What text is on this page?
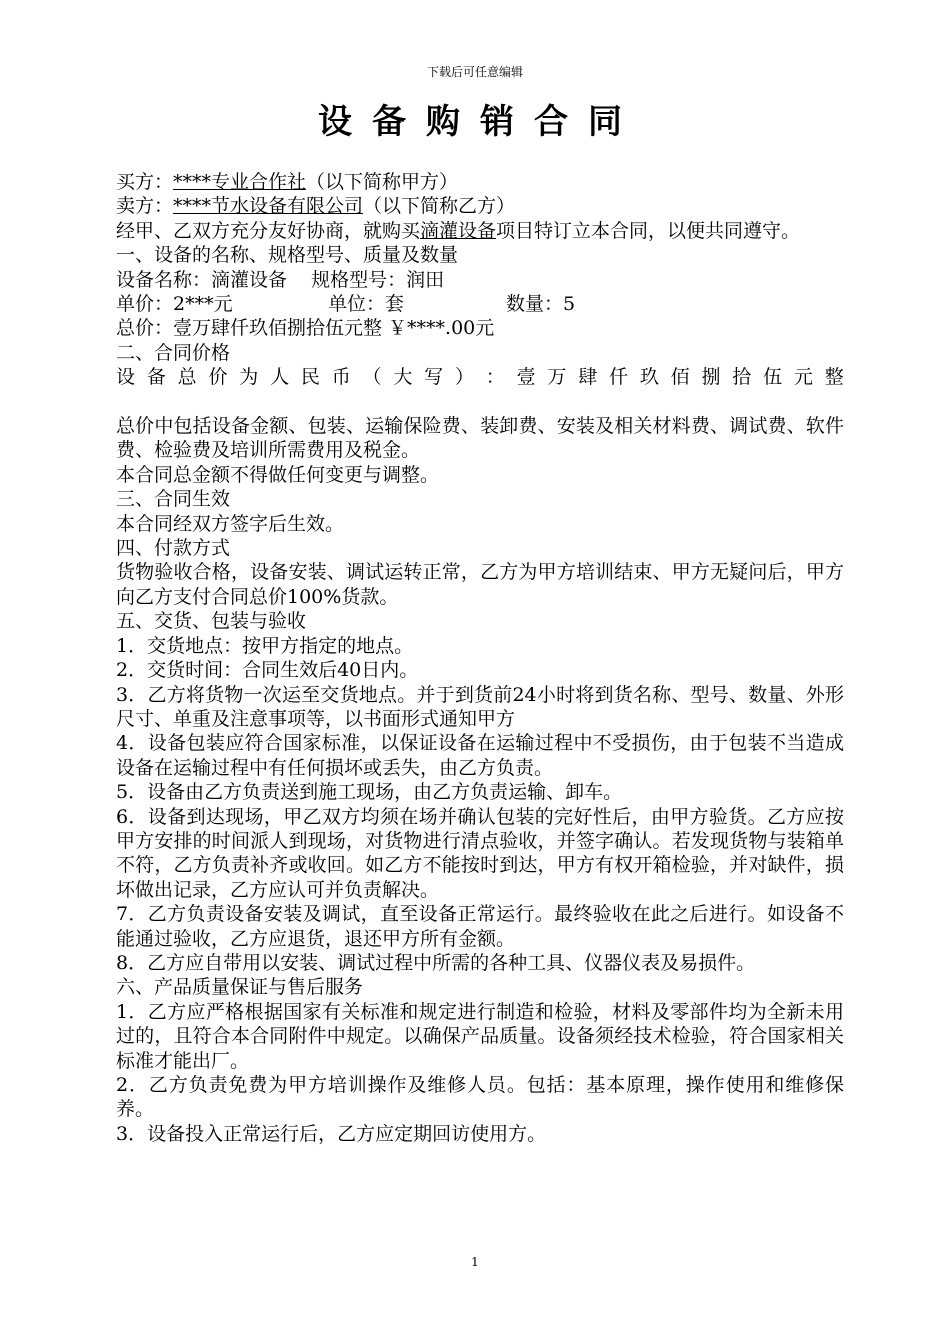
下载后可任意编辑
设备购销合同
买方：****专业合作社（以下简称甲方）
卖方：****节水设备有限公司（以下简称乙方）
经甲、乙双方充分友好协商，就购买滴灌设备项目特订立本合同，以便共同遵守。
一、设备的名称、规格型号、质量及数量
设备名称：滴灌设备    规格型号：润田
单价：2***元	单位：套	数量：5
总价：壹万肆仟玖佰捌拾伍元整 ￥****.00元
二、合同价格
设 备 总 价 为 人 民 币 （ 大 写 ） ： 壹 万 肆 仟 玖 佰 捌 拾 伍 元 整
总价中包括设备金额、包装、运输保险费、装卸费、安装及相关材料费、调试费、软件费、检验费及培训所需费用及税金。
本合同总金额不得做任何变更与调整。
三、合同生效
本合同经双方签字后生效。
四、付款方式
货物验收合格，设备安装、调试运转正常，乙方为甲方培训结束、甲方无疑问后，甲方向乙方支付合同总价100%货款。
五、交货、包装与验收
1．交货地点：按甲方指定的地点。
2．交货时间：合同生效后40日内。
3．乙方将货物一次运至交货地点。并于到货前24小时将到货名称、型号、数量、外形尺寸、单重及注意事项等，以书面形式通知甲方
4．设备包装应符合国家标准，以保证设备在运输过程中不受损伤，由于包装不当造成设备在运输过程中有任何损坏或丢失，由乙方负责。
5．设备由乙方负责送到施工现场，由乙方负责运输、卸车。
6．设备到达现场，甲乙双方均须在场并确认包装的完好性后，由甲方验货。乙方应按甲方安排的时间派人到现场，对货物进行清点验收，并签字确认。若发现货物与装箱单不符，乙方负责补齐或收回。如乙方不能按时到达，甲方有权开箱检验，并对缺件，损坏做出记录，乙方应认可并负责解决。
7．乙方负责设备安装及调试，直至设备正常运行。最终验收在此之后进行。如设备不能通过验收，乙方应退货，退还甲方所有金额。
8．乙方应自带用以安装、调试过程中所需的各种工具、仪器仪表及易损件。
六、产品质量保证与售后服务
1．乙方应严格根据国家有关标准和规定进行制造和检验，材料及零部件均为全新未用过的，且符合本合同附件中规定。以确保产品质量。设备须经技术检验，符合国家相关标准才能出厂。
2．乙方负责免费为甲方培训操作及维修人员。包括：基本原理，操作使用和维修保养。
3．设备投入正常运行后，乙方应定期回访使用方。
1
